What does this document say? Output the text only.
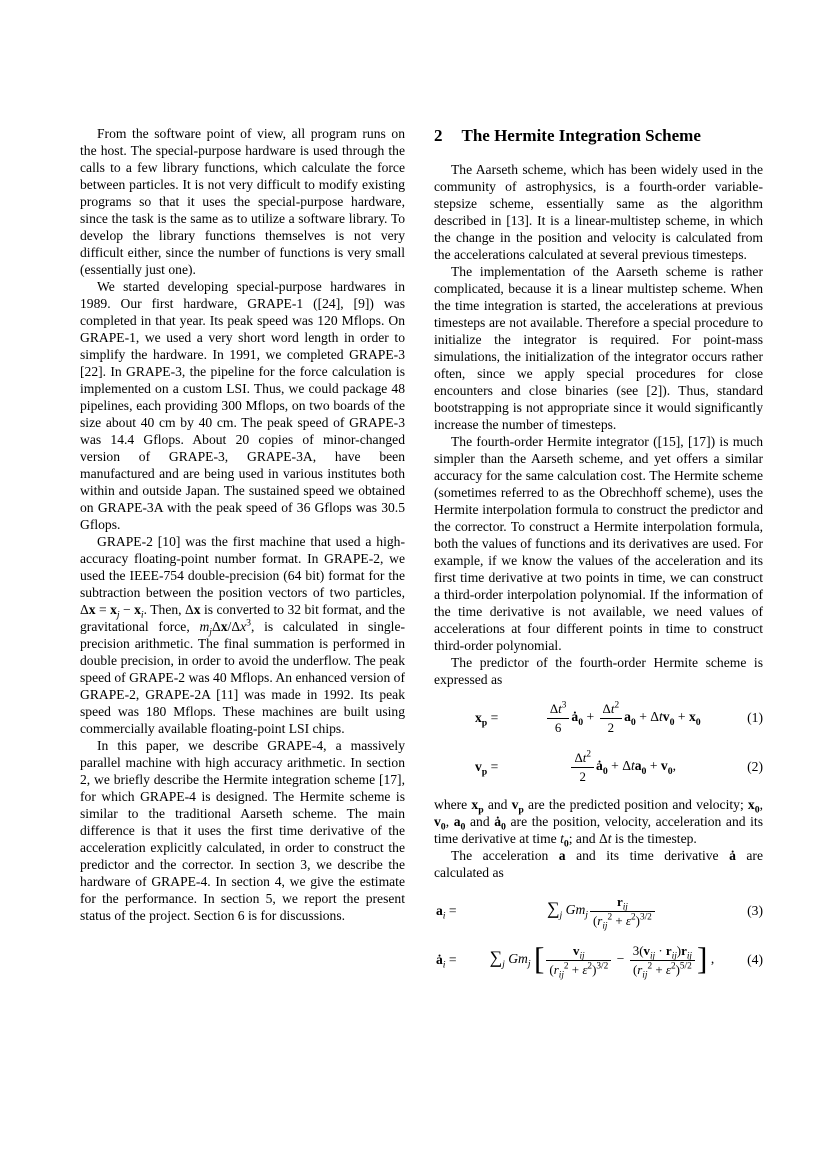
From the software point of view, all program runs on the host. The special-purpose hardware is used through the calls to a few library functions, which calculate the force between particles. It is not very difficult to modify existing programs so that it uses the special-purpose hardware, since the task is the same as to utilize a software library. To develop the library functions themselves is not very difficult either, since the number of functions is very small (essentially just one).

We started developing special-purpose hardwares in 1989. Our first hardware, GRAPE-1 ([24], [9]) was completed in that year. Its peak speed was 120 Mflops. On GRAPE-1, we used a very short word length in order to simplify the hardware. In 1991, we completed GRAPE-3 [22]. In GRAPE-3, the pipeline for the force calculation is implemented on a custom LSI. Thus, we could package 48 pipelines, each providing 300 Mflops, on two boards of the size about 40 cm by 40 cm. The peak speed of GRAPE-3 was 14.4 Gflops. About 20 copies of minor-changed version of GRAPE-3, GRAPE-3A, have been manufactured and are being used in various institutes both within and outside Japan. The sustained speed we obtained on GRAPE-3A with the peak speed of 36 Gflops was 30.5 Gflops.

GRAPE-2 [10] was the first machine that used a high-accuracy floating-point number format. In GRAPE-2, we used the IEEE-754 double-precision (64 bit) format for the subtraction between the position vectors of two particles, $\Delta x = x_j - x_i$. Then, Δx is converted to 32 bit format, and the gravitational force, $m_j\Delta x/\Delta x^3$, is calculated in single-precision arithmetic. The final summation is performed in double precision, in order to avoid the underflow. The peak speed of GRAPE-2 was 40 Mflops. An enhanced version of GRAPE-2, GRAPE-2A [11] was made in 1992. Its peak speed was 180 Mflops. These machines are built using commercially available floating-point LSI chips.

In this paper, we describe GRAPE-4, a massively parallel machine with high accuracy arithmetic. In section 2, we briefly describe the Hermite integration scheme [17], for which GRAPE-4 is designed. The Hermite scheme is similar to the traditional Aarseth scheme. The main difference is that it uses the first time derivative of the acceleration explicitly calculated, in order to construct the predictor and the corrector. In section 3, we describe the hardware of GRAPE-4. In section 4, we give the estimate for the performance. In section 5, we report the present status of the project. Section 6 is for discussions.

2 The Hermite Integration Scheme

The Aarseth scheme, which has been widely used in the community of astrophysics, is a fourth-order variable-stepsize scheme, essentially same as the algorithm described in [13]. It is a linear-multistep scheme, in which the change in the position and velocity is calculated from the accelerations calculated at several previous timesteps.

The implementation of the Aarseth scheme is rather complicated, because it is a linear multistep scheme. When the time integration is started, the accelerations at previous timesteps are not available. Therefore a special procedure to initialize the integrator is required. For point-mass simulations, the initialization of the integrator occurs rather often, since we apply special procedures for close encounters and close binaries (see [2]). Thus, standard bootstrapping is not appropriate since it would significantly increase the number of timesteps.

The fourth-order Hermite integrator ([15], [17]) is much simpler than the Aarseth scheme, and yet offers a similar accuracy for the same calculation cost. The Hermite scheme (sometimes referred to as the Obrechhoff scheme), uses the Hermite interpolation formula to construct the predictor and the corrector. To construct a Hermite interpolation formula, both the values of functions and its derivatives are used. For example, if we know the values of the acceleration and its first time derivative at two points in time, we can construct a third-order interpolation polynomial. If the information of the time derivative is not available, we need values of accelerations at four different points in time to construct third-order polynomial.

The predictor of the fourth-order Hermite scheme is expressed as

$x_p$ =	$\frac{\Delta t^3}{6}$ $ȧ_0 + \frac{\Delta t^2}{2} a_0 + \Delta tv_0 + x_0$	(1)
$v_p$ =	$\frac{\Delta t^2}{2}$ $ȧ_0 + \Delta ta_0 + v_0$,	(2)

where $x_p$ and $v_p$ are the predicted position and velocity; $x_0$, $v_0$, $a_0$ and $ȧ_0$ are the position, velocity, acceleration and its time derivative at time $t_0$; and Δt is the timestep.

The acceleration a and its time derivative ȧ are calculated as

$a_i$ =	$\sum_j$ $Gm_j \frac{r_{ij}}{(r_{ij}^2 + \varepsilon^2)^{3/2}}$	(3)
$ȧ_i$ =	$\sum_j$ $Gm_j$ [ $\frac{v_{ij}}{(r_{ij}^2 + \varepsilon^2)^{3/2}} - \frac{3(v_{ij} \cdot r_{ij})r_{ij}}{(r_{ij}^2 + \varepsilon^2)^{5/2}}$ ] ,	(4)
